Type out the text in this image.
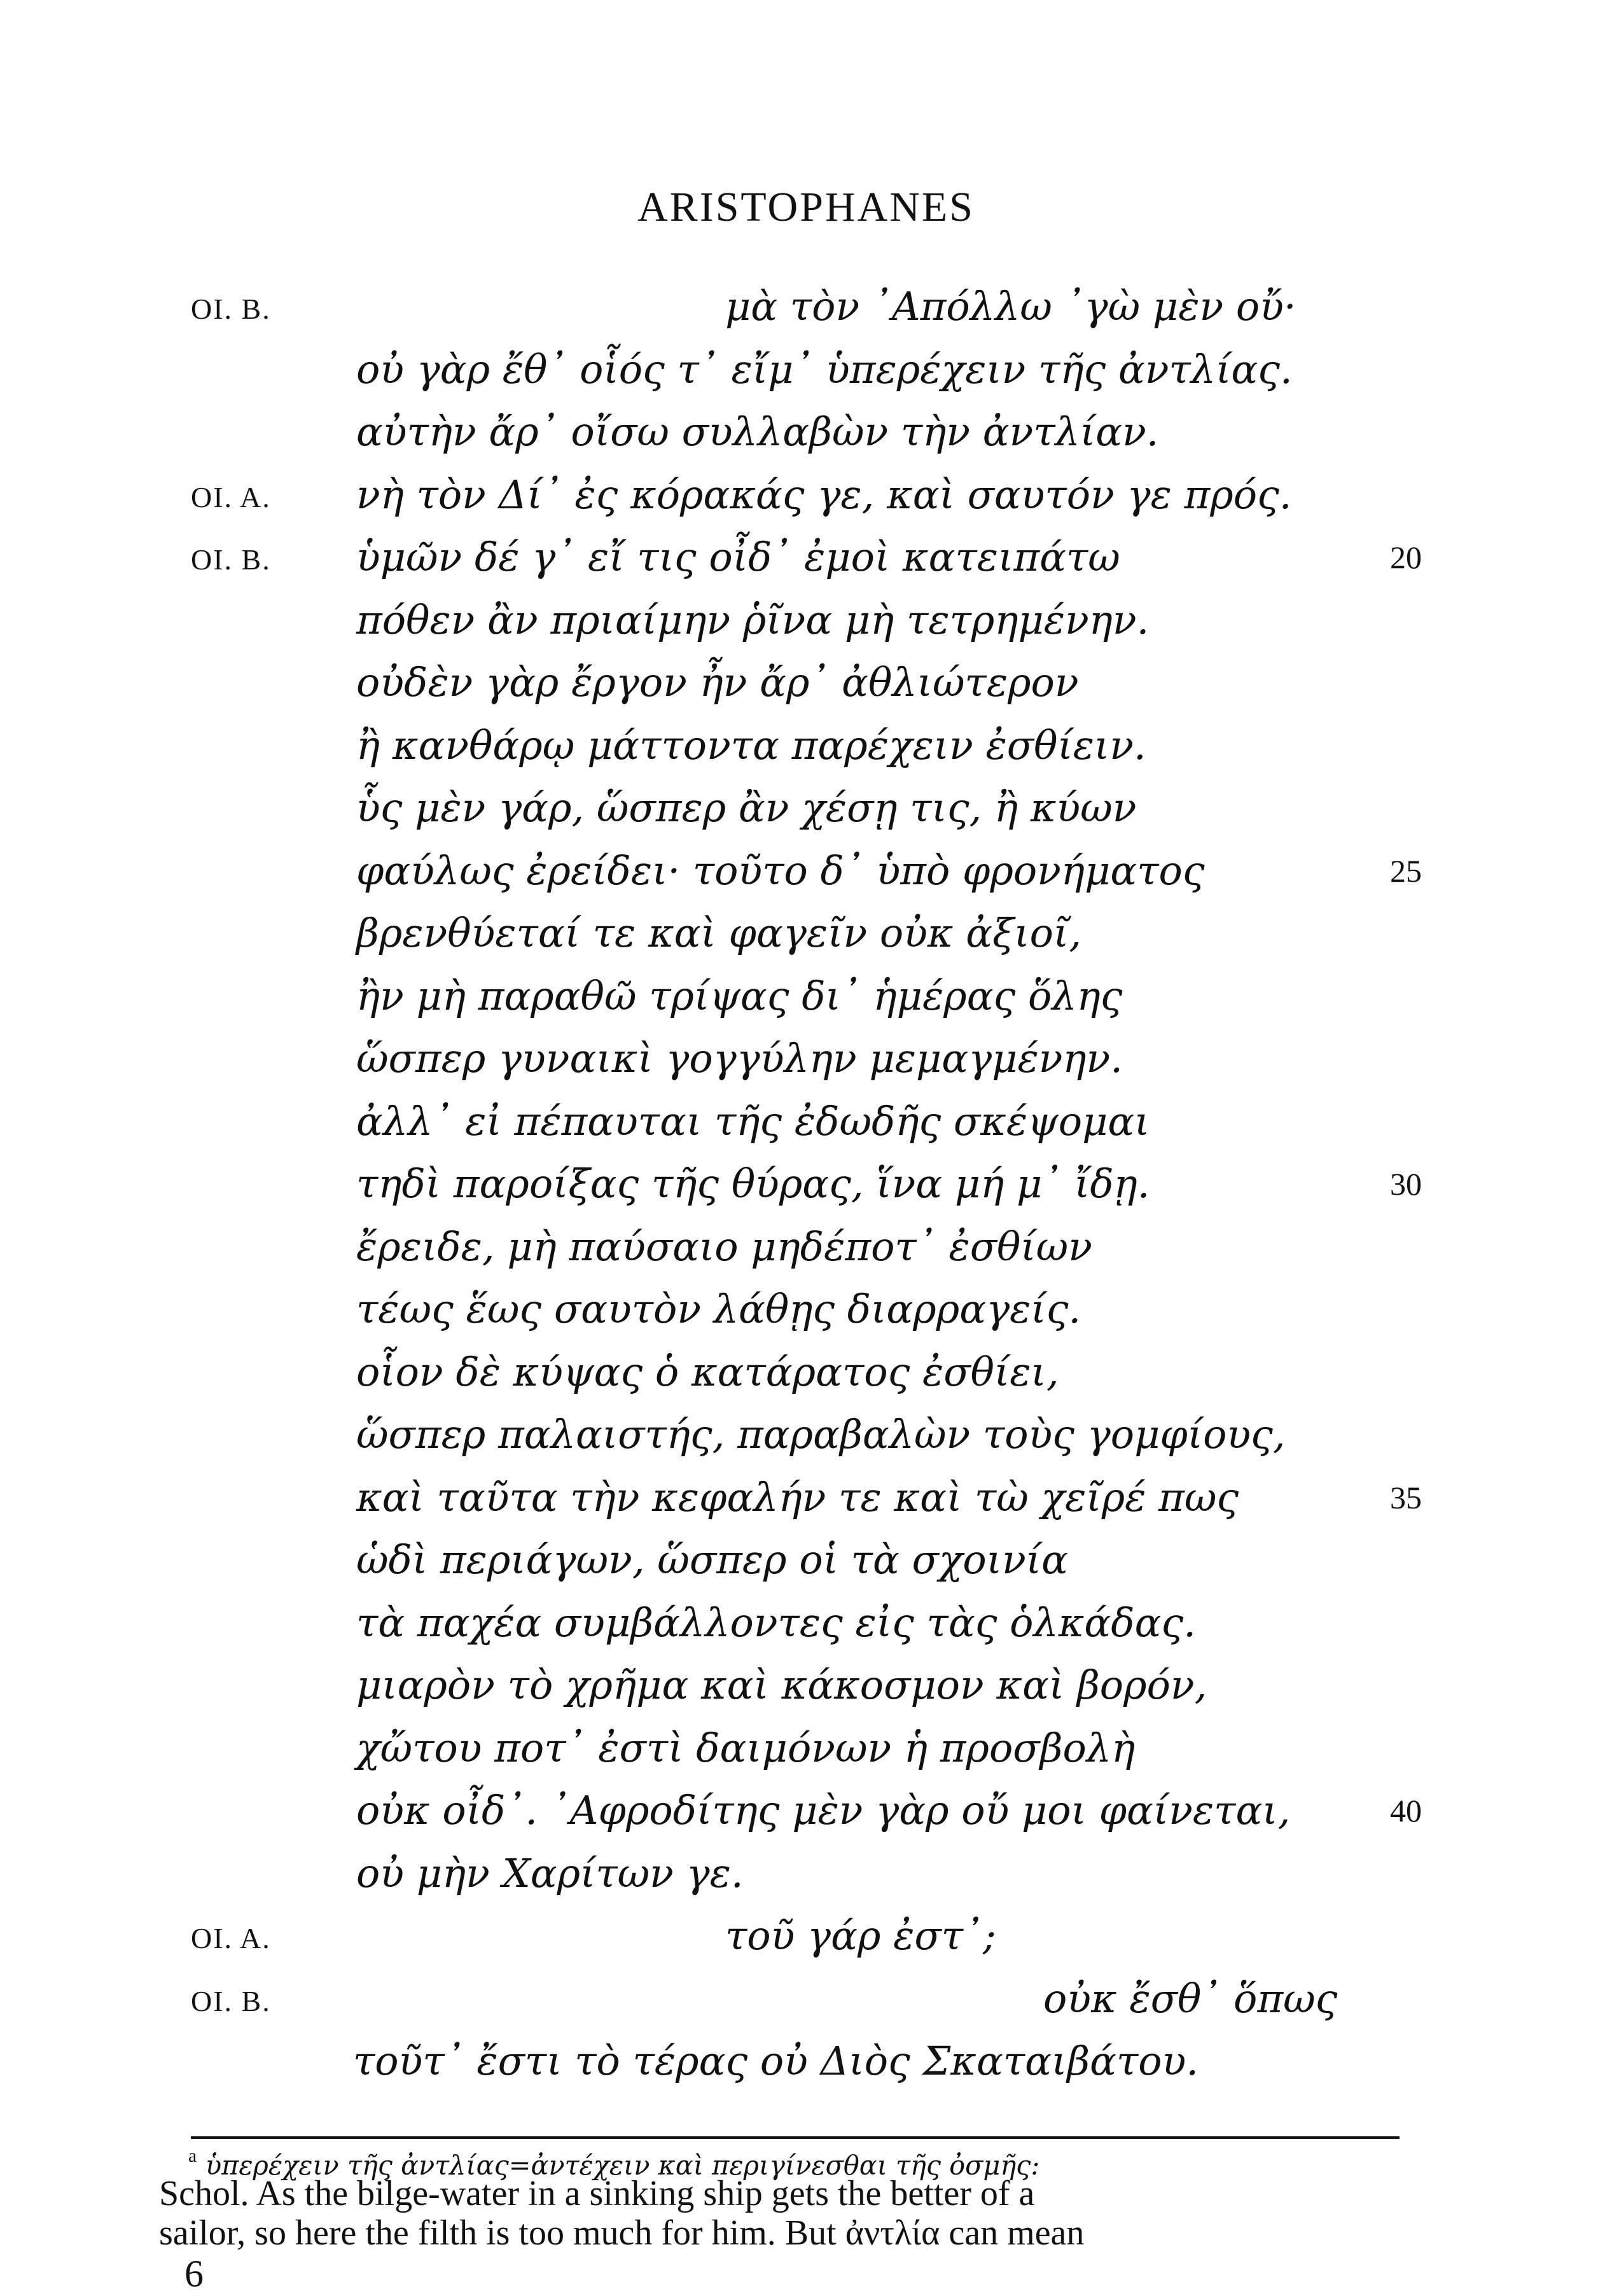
ARISTOPHANES
OI. B.	μὰ τὸν ᾿Απόλλω ᾿γὼ μὲν οὔ·
οὐ γὰρ ἔθ᾿ οἷός τ᾿ εἴμ᾿ ὑπερέχειν τῆς ἀντλίας.
αὐτὴν ἄρ᾿ οἴσω συλλαβὼν τὴν ἀντλίαν.
OI. A. νὴ τὸν Δί᾿ ἐς κόρακάς γε, καὶ σαυτόν γε πρός.
OI. B. ὑμῶν δέ γ᾿ εἴ τις οἶδ᾿ ἐμοὶ κατειπάτω	20
πόθεν ἂν πριαίμην ῥῖνα μὴ τετρημένην.
οὐδὲν γὰρ ἔργον ἦν ἄρ᾿ ἀθλιώτερον
ἢ κανθάρῳ μάττοντα παρέχειν ἐσθίειν.
ὗς μὲν γάρ, ὥσπερ ἂν χέσῃ τις, ἢ κύων
φαύλως ἐρείδει· τοῦτο δ᾿ ὑπὸ φρονήματος	25
βρενθύεταί τε καὶ φαγεῖν οὐκ ἀξιοῖ,
ἢν μὴ παραθῶ τρίψας δι᾿ ἡμέρας ὅλης
ὥσπερ γυναικὶ γογγύλην μεμαγμένην.
ἀλλ᾿ εἰ πέπαυται τῆς ἐδωδῆς σκέψομαι
τηδὶ παροίξας τῆς θύρας, ἵνα μή μ᾿ ἴδῃ.	30
ἔρειδε, μὴ παύσαιο μηδέποτ᾿ ἐσθίων
τέως ἕως σαυτὸν λάθῃς διαρραγείς.
οἷον δὲ κύψας ὁ κατάρατος ἐσθίει,
ὥσπερ παλαιστής, παραβαλὼν τοὺς γομφίους,
καὶ ταῦτα τὴν κεφαλήν τε καὶ τὼ χεῖρέ πως	35
ὡδὶ περιάγων, ὥσπερ οἱ τὰ σχοινία
τὰ παχέα συμβάλλοντες εἰς τὰς ὁλκάδας.
μιαρὸν τὸ χρῆμα καὶ κάκοσμον καὶ βορόν,
χὤτου ποτ᾿ ἐστὶ δαιμόνων ἡ προσβολὴ
οὐκ οἶδ᾿. ᾿Αφροδίτης μὲν γὰρ οὔ μοι φαίνεται,	40
οὐ μὴν Χαρίτων γε.
OI. A.	τοῦ γάρ ἐστ᾿;
OI. B.	οὐκ ἔσθ᾿ ὅπως
τοῦτ᾿ ἔστι τὸ τέρας οὐ Διὸς Σκαταιβάτου.
$^a$ ὑπερέχειν τῆς ἀντλίας=ἀντέχειν καὶ περιγίνεσθαι τῆς ὀσμῆς:
Schol. As the bilge-water in a sinking ship gets the better of a
sailor, so here the filth is too much for him. But ἀντλία can mean
6
